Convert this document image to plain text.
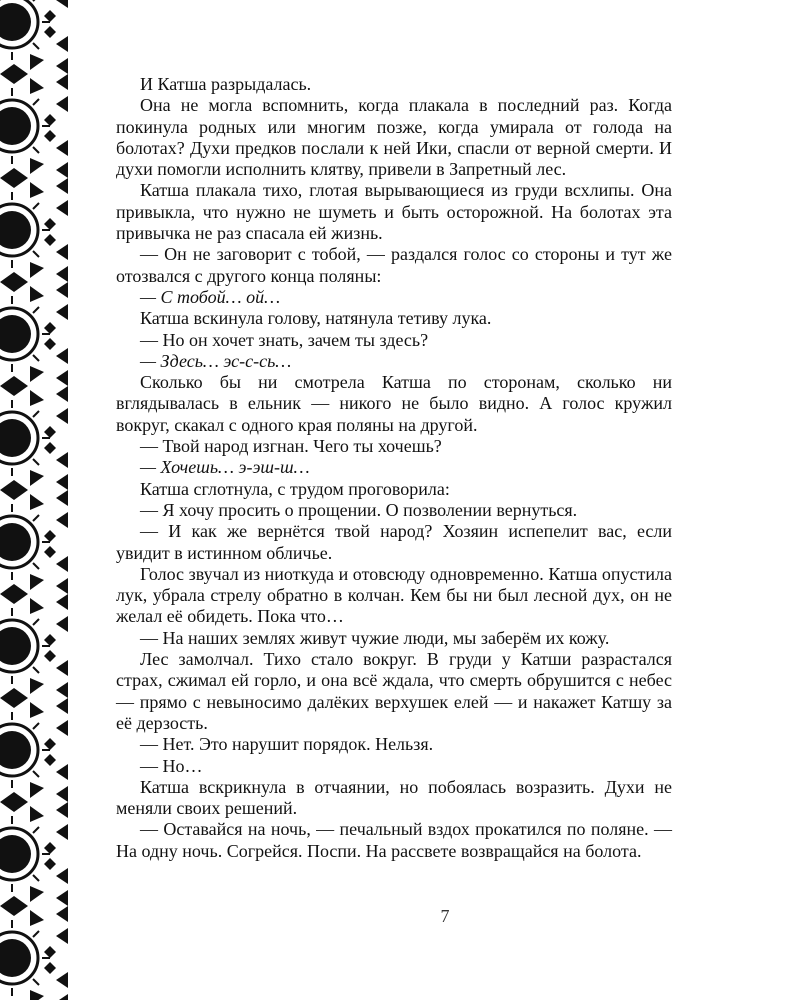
И Катша разрыдалась.

Она не могла вспомнить, когда плакала в последний раз. Когда покинула родных или многим позже, когда умирала от голода на болотах? Духи предков послали к ней Ики, спасли от верной смерти. И духи помогли исполнить клятву, привели в Запретный лес.

Катша плакала тихо, глотая вырывающиеся из груди всхлипы. Она привыкла, что нужно не шуметь и быть осторожной. На болотах эта привычка не раз спасала ей жизнь.

— Он не заговорит с тобой, — раздался голос со стороны и тут же отозвался с другого конца поляны:

— С тобой… ой…

Катша вскинула голову, натянула тетиву лука.

— Но он хочет знать, зачем ты здесь?

— Здесь… эс-с-сь…

Сколько бы ни смотрела Катша по сторонам, сколько ни вглядывалась в ельник — никого не было видно. А голос кружил вокруг, скакал с одного края поляны на другой.

— Твой народ изгнан. Чего ты хочешь?

— Хочешь… э-эш-ш…

Катша сглотнула, с трудом проговорила:

— Я хочу просить о прощении. О позволении вернуться.

— И как же вернётся твой народ? Хозяин испепелит вас, если увидит в истинном обличье.

Голос звучал из ниоткуда и отовсюду одновременно. Катша опустила лук, убрала стрелу обратно в колчан. Кем бы ни был лесной дух, он не желал её обидеть. Пока что…

— На наших землях живут чужие люди, мы заберём их кожу.

Лес замолчал. Тихо стало вокруг. В груди у Катши разрастался страх, сжимал ей горло, и она всё ждала, что смерть обрушится с небес — прямо с невыносимо далёких верхушек елей — и накажет Катшу за её дерзость.

— Нет. Это нарушит порядок. Нельзя.

— Но…

Катша вскрикнула в отчаянии, но побоялась возразить. Духи не меняли своих решений.

— Оставайся на ночь, — печальный вздох прокатился по поляне. — На одну ночь. Согрейся. Поспи. На рассвете возвращайся на болота.

7
